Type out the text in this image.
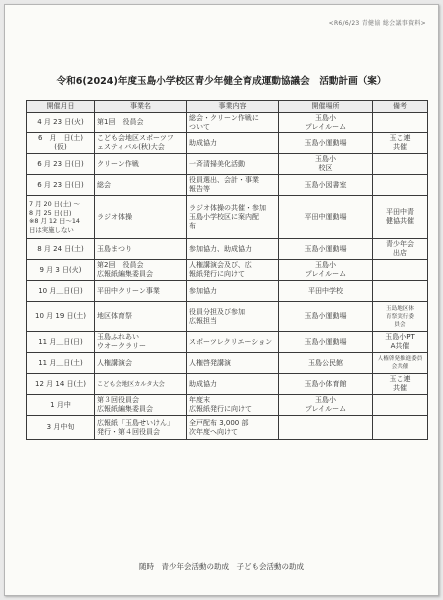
<R6/6/23 青健協 総会議事資料>
令和6(2024)年度玉島小学校区青少年健全育成運動協議会　活動計画（案）
開催月日	事業名	事業内容	開催場所	備考

4 月 23 日(火)	第1回　役員会	総会・クリーン作戦に
ついて	玉島小
プレイルーム	

6　月　日(土)
(仮)	こども会地区スポーツフ
ェスティバル(秋)大会	助成協力	玉島小運動場	玉こ連
共催

6 月 23 日(日)	クリーン作戦	一斉清掃美化活動	玉島小
校区	

6 月 23 日(日)	総会	役員選出、会計・事業
報告等	玉島小図書室	

7 月 20 日(土) ～
8 月 25 日(日)
※8 月 12 日～14
日は実施しない	ラジオ体操	ラジオ体操の共催・参加
玉島小学校区に案内配
布	平田中運動場	平田中青
健協共催

8 月 24 日(土)	玉島まつり	参加協力、助成協力	玉島小運動場	青少年会
出店

9 月 3 日(火)	第2回　役員会
広報紙編集委員会	人権講演会及び、広
報紙発行に向けて	玉島小
プレイルーム	

10 月＿日(日)	平田中クリーン事業	参加協力	平田中学校	

10 月 19 日(土)	地区体育祭	役員分担及び参加
広報担当	玉島小運動場	玉島地区体
育祭実行委
員会

11 月＿日(日)	玉島ふれあい
ウオークラリー	スポーツレクリエーション	玉島小運動場	玉島小PT
A共催

11 月＿日(土)	人権講演会	人権啓発講演	玉島公民館	人権啓発推進委員
会共催

12 月 14 日(土)	こども会地区カルタ大会	助成協力	玉島小体育館	玉こ連
共催

1 月中	第３回役員会
広報紙編集委員会	年度末
広報紙発行に向けて	玉島小
プレイルーム	

3 月中旬	広報紙「玉島せいけん」
発行・第４回役員会	全戸配布 3,000 部
次年度へ向けて		

随時　青少年会活動の助成　子ども会活動の助成
